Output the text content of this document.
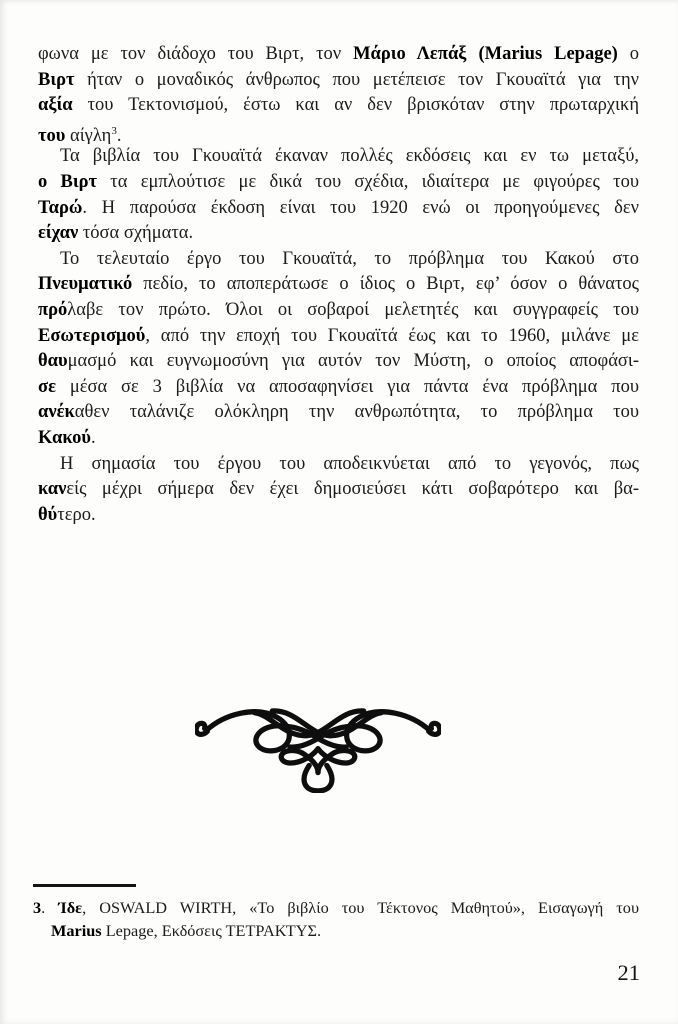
φωνα με τον διάδοχο του Βιρτ, τον Μάριο Λεπάξ (Marius Lepage) ο
Βιρτ ήταν ο μοναδικός άνθρωπος που μετέπεισε τον Γκουαϊτά για την
αξία του Τεκτονισμού, έστω και αν δεν βρισκόταν στην πρωταρχική
του αίγλη$^3$.
Τα βιβλία του Γκουαϊτά έκαναν πολλές εκδόσεις και εν τω μεταξύ,
ο Βιρτ τα εμπλούτισε με δικά του σχέδια, ιδιαίτερα με φιγούρες του
Ταρώ. Η παρούσα έκδοση είναι του 1920 ενώ οι προηγούμενες δεν
είχαν τόσα σχήματα.
Το τελευταίο έργο του Γκουαϊτά, το πρόβλημα του Κακού στο
Πνευματικό πεδίο, το αποπεράτωσε ο ίδιος ο Βιρτ, εφ’ όσον ο θάνατος
πρόλαβε τον πρώτο. Όλοι οι σοβαροί μελετητές και συγγραφείς του
Εσωτερισμού, από την εποχή του Γκουαϊτά έως και το 1960, μιλάνε με
θαυμασμό και ευγνωμοσύνη για αυτόν τον Μύστη, ο οποίος αποφάσι-
σε μέσα σε 3 βιβλία να αποσαφηνίσει για πάντα ένα πρόβλημα που
ανέκαθεν ταλάνιζε ολόκληρη την ανθρωπότητα, το πρόβλημα του
Κακού.
Η σημασία του έργου του αποδεικνύεται από το γεγονός, πως
κανείς μέχρι σήμερα δεν έχει δημοσιεύσει κάτι σοβαρότερο και βα-
θύτερο.
3. Ίδε, OSWALD WIRTH, «Το βιβλίο του Τέκτονος Μαθητού», Εισαγωγή του
Marius Lepage, Εκδόσεις ΤΕΤΡΑΚΤΥΣ.
21
